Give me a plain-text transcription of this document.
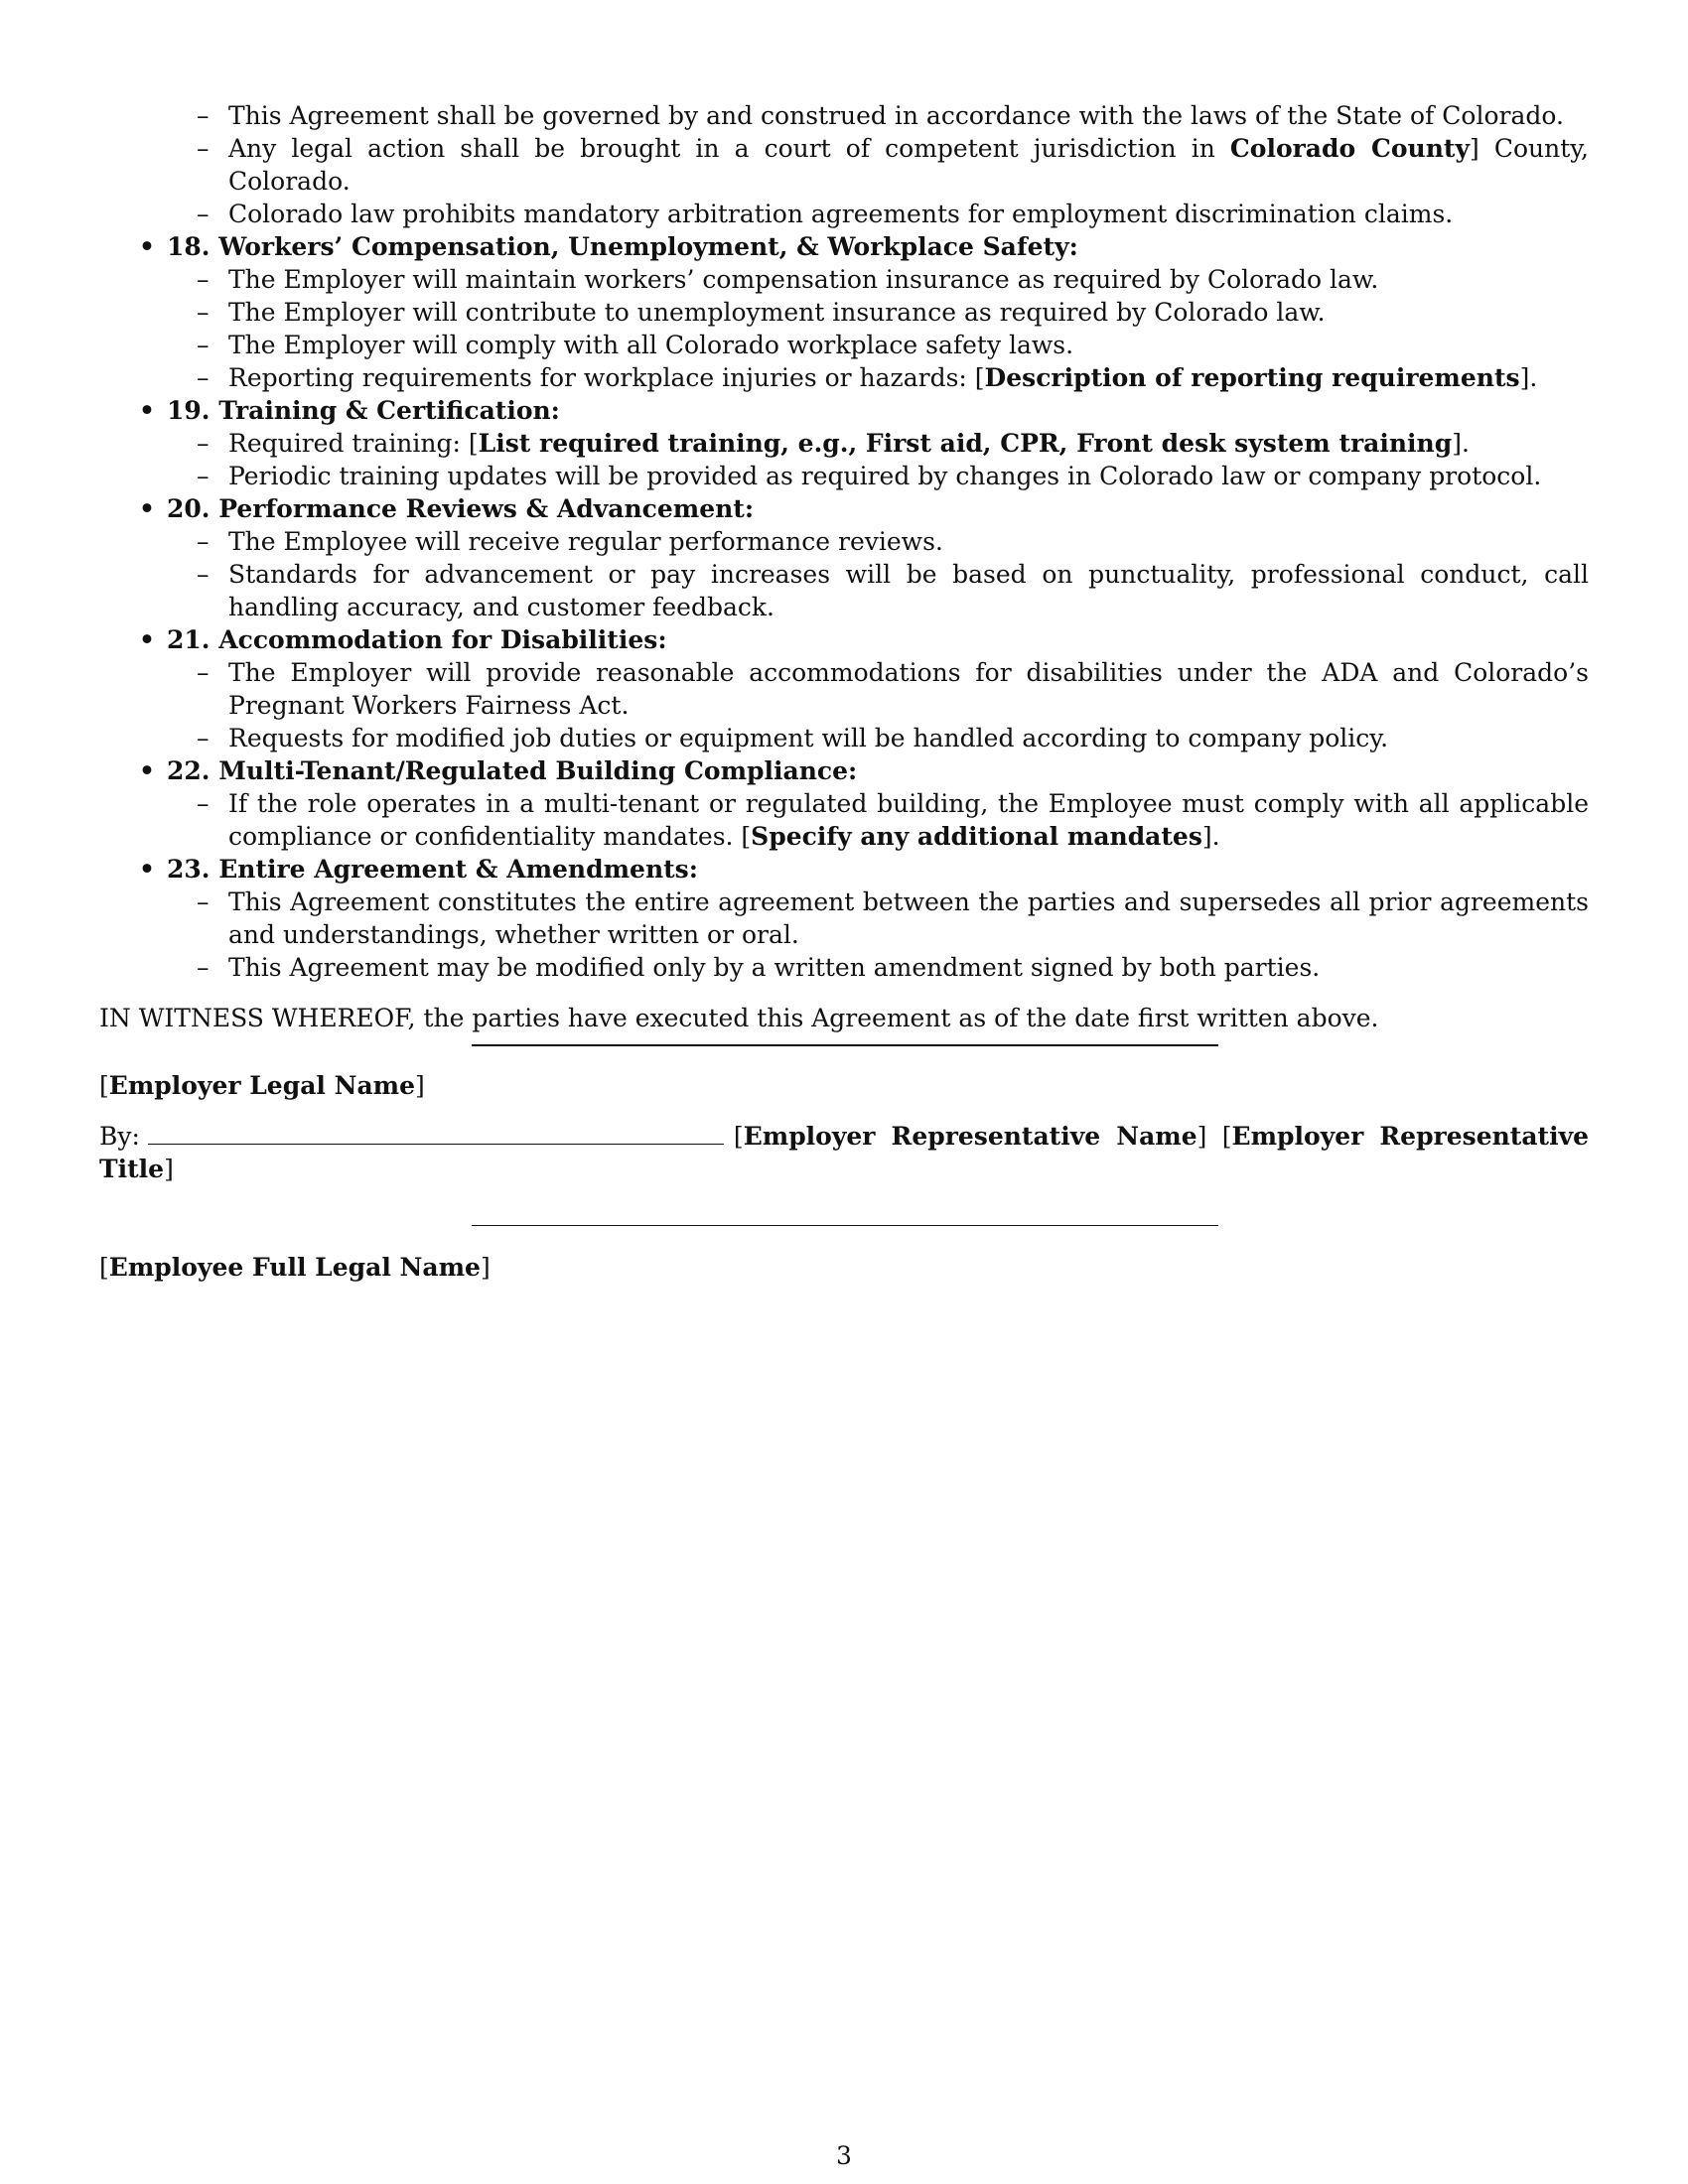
– This Agreement shall be governed by and construed in accordance with the laws of the State of Colorado.
– Any legal action shall be brought in a court of competent jurisdiction in Colorado County] County, Colorado.
– Colorado law prohibits mandatory arbitration agreements for employment discrimination claims.
• 18. Workers’ Compensation, Unemployment, & Workplace Safety:
– The Employer will maintain workers’ compensation insurance as required by Colorado law.
– The Employer will contribute to unemployment insurance as required by Colorado law.
– The Employer will comply with all Colorado workplace safety laws.
– Reporting requirements for workplace injuries or hazards: [Description of reporting requirements].
• 19. Training & Certification:
– Required training: [List required training, e.g., First aid, CPR, Front desk system training].
– Periodic training updates will be provided as required by changes in Colorado law or company protocol.
• 20. Performance Reviews & Advancement:
– The Employee will receive regular performance reviews.
– Standards for advancement or pay increases will be based on punctuality, professional conduct, call handling accuracy, and customer feedback.
• 21. Accommodation for Disabilities:
– The Employer will provide reasonable accommodations for disabilities under the ADA and Colorado’s Pregnant Workers Fairness Act.
– Requests for modified job duties or equipment will be handled according to company policy.
• 22. Multi-Tenant/Regulated Building Compliance:
– If the role operates in a multi-tenant or regulated building, the Employee must comply with all applicable compliance or confidentiality mandates. [Specify any additional mandates].
• 23. Entire Agreement & Amendments:
– This Agreement constitutes the entire agreement between the parties and supersedes all prior agreements and understandings, whether written or oral.
– This Agreement may be modified only by a written amendment signed by both parties.

IN WITNESS WHEREOF, the parties have executed this Agreement as of the date first written above.

[Employer Legal Name]
By:	[Employer Representative Name] [Employer Representative Title]
[Employee Full Legal Name]
3
